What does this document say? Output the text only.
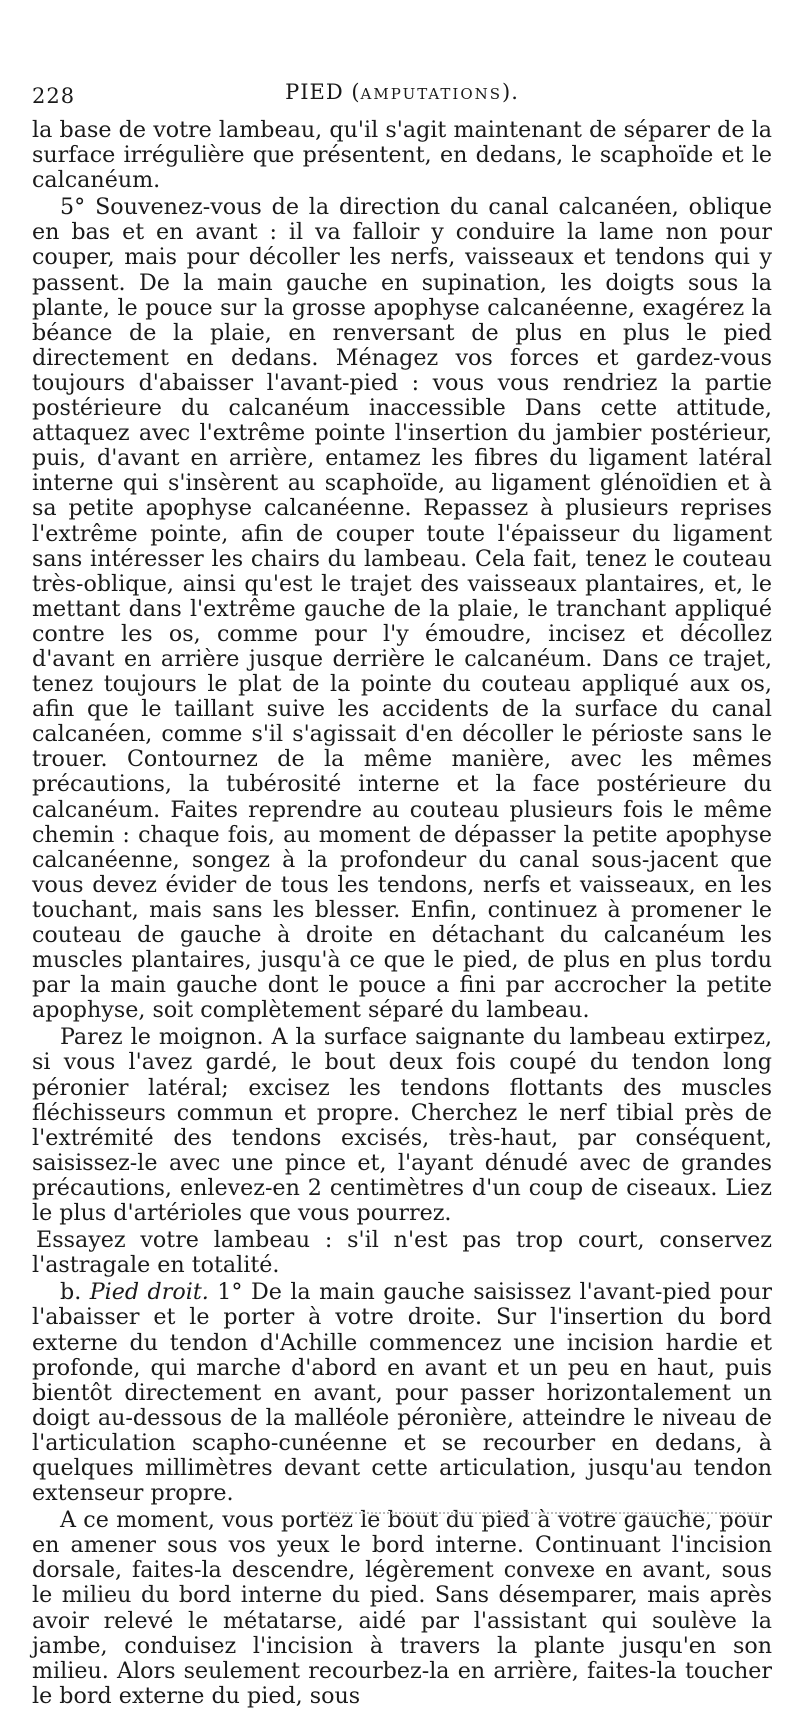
228	PIED (AMPUTATIONS).

la base de votre lambeau, qu'il s'agit maintenant de séparer de la surface irrégulière que présentent, en dedans, le scaphoïde et le calcanéum.

5° Souvenez-vous de la direction du canal calcanéen, oblique en bas et en avant : il va falloir y conduire la lame non pour couper, mais pour décoller les nerfs, vaisseaux et tendons qui y passent. De la main gauche en supination, les doigts sous la plante, le pouce sur la grosse apophyse calcanéenne, exagérez la béance de la plaie, en renversant de plus en plus le pied directement en dedans. Ménagez vos forces et gardez-vous toujours d'abaisser l'avant-pied : vous vous rendriez la partie postérieure du calcanéum inaccessible Dans cette attitude, attaquez avec l'extrême pointe l'insertion du jambier postérieur, puis, d'avant en arrière, entamez les fibres du ligament latéral interne qui s'insèrent au scaphoïde, au ligament glénoïdien et à sa petite apophyse calcanéenne. Repassez à plusieurs reprises l'extrême pointe, afin de couper toute l'épaisseur du ligament sans intéresser les chairs du lambeau. Cela fait, tenez le couteau très-oblique, ainsi qu'est le trajet des vaisseaux plantaires, et, le mettant dans l'extrême gauche de la plaie, le tranchant appliqué contre les os, comme pour l'y émoudre, incisez et décollez d'avant en arrière jusque derrière le calcanéum. Dans ce trajet, tenez toujours le plat de la pointe du couteau appliqué aux os, afin que le taillant suive les accidents de la surface du canal calcanéen, comme s'il s'agissait d'en décoller le périoste sans le trouer. Contournez de la même manière, avec les mêmes précautions, la tubérosité interne et la face postérieure du calcanéum. Faites reprendre au couteau plusieurs fois le même chemin : chaque fois, au moment de dépasser la petite apophyse calcanéenne, songez à la profondeur du canal sous-jacent que vous devez évider de tous les tendons, nerfs et vaisseaux, en les touchant, mais sans les blesser. Enfin, continuez à promener le couteau de gauche à droite en détachant du calcanéum les muscles plantaires, jusqu'à ce que le pied, de plus en plus tordu par la main gauche dont le pouce a fini par accrocher la petite apophyse, soit complètement séparé du lambeau.

Parez le moignon. A la surface saignante du lambeau extirpez, si vous l'avez gardé, le bout deux fois coupé du tendon long péronier latéral; excisez les tendons flottants des muscles fléchisseurs commun et propre. Cherchez le nerf tibial près de l'extrémité des tendons excisés, très-haut, par conséquent, saisissez-le avec une pince et, l'ayant dénudé avec de grandes précautions, enlevez-en 2 centimètres d'un coup de ciseaux. Liez le plus d'artérioles que vous pourrez.

Essayez votre lambeau : s'il n'est pas trop court, conservez l'astragale en totalité.

b. Pied droit. 1° De la main gauche saisissez l'avant-pied pour l'abaisser et le porter à votre droite. Sur l'insertion du bord externe du tendon d'Achille commencez une incision hardie et profonde, qui marche d'abord en avant et un peu en haut, puis bientôt directement en avant, pour passer horizontalement un doigt au-dessous de la malléole péronière, atteindre le niveau de l'articulation scapho-cunéenne et se recourber en dedans, à quelques millimètres devant cette articulation, jusqu'au tendon extenseur propre.

A ce moment, vous portez le bout du pied à votre gauche, pour en amener sous vos yeux le bord interne. Continuant l'incision dorsale, faites-la descendre, légèrement convexe en avant, sous le milieu du bord interne du pied. Sans désemparer, mais après avoir relevé le métatarse, aidé par l'assistant qui soulève la jambe, conduisez l'incision à travers la plante jusqu'en son milieu. Alors seulement recourbez-la en arrière, faites-la toucher le bord externe du pied, sous
